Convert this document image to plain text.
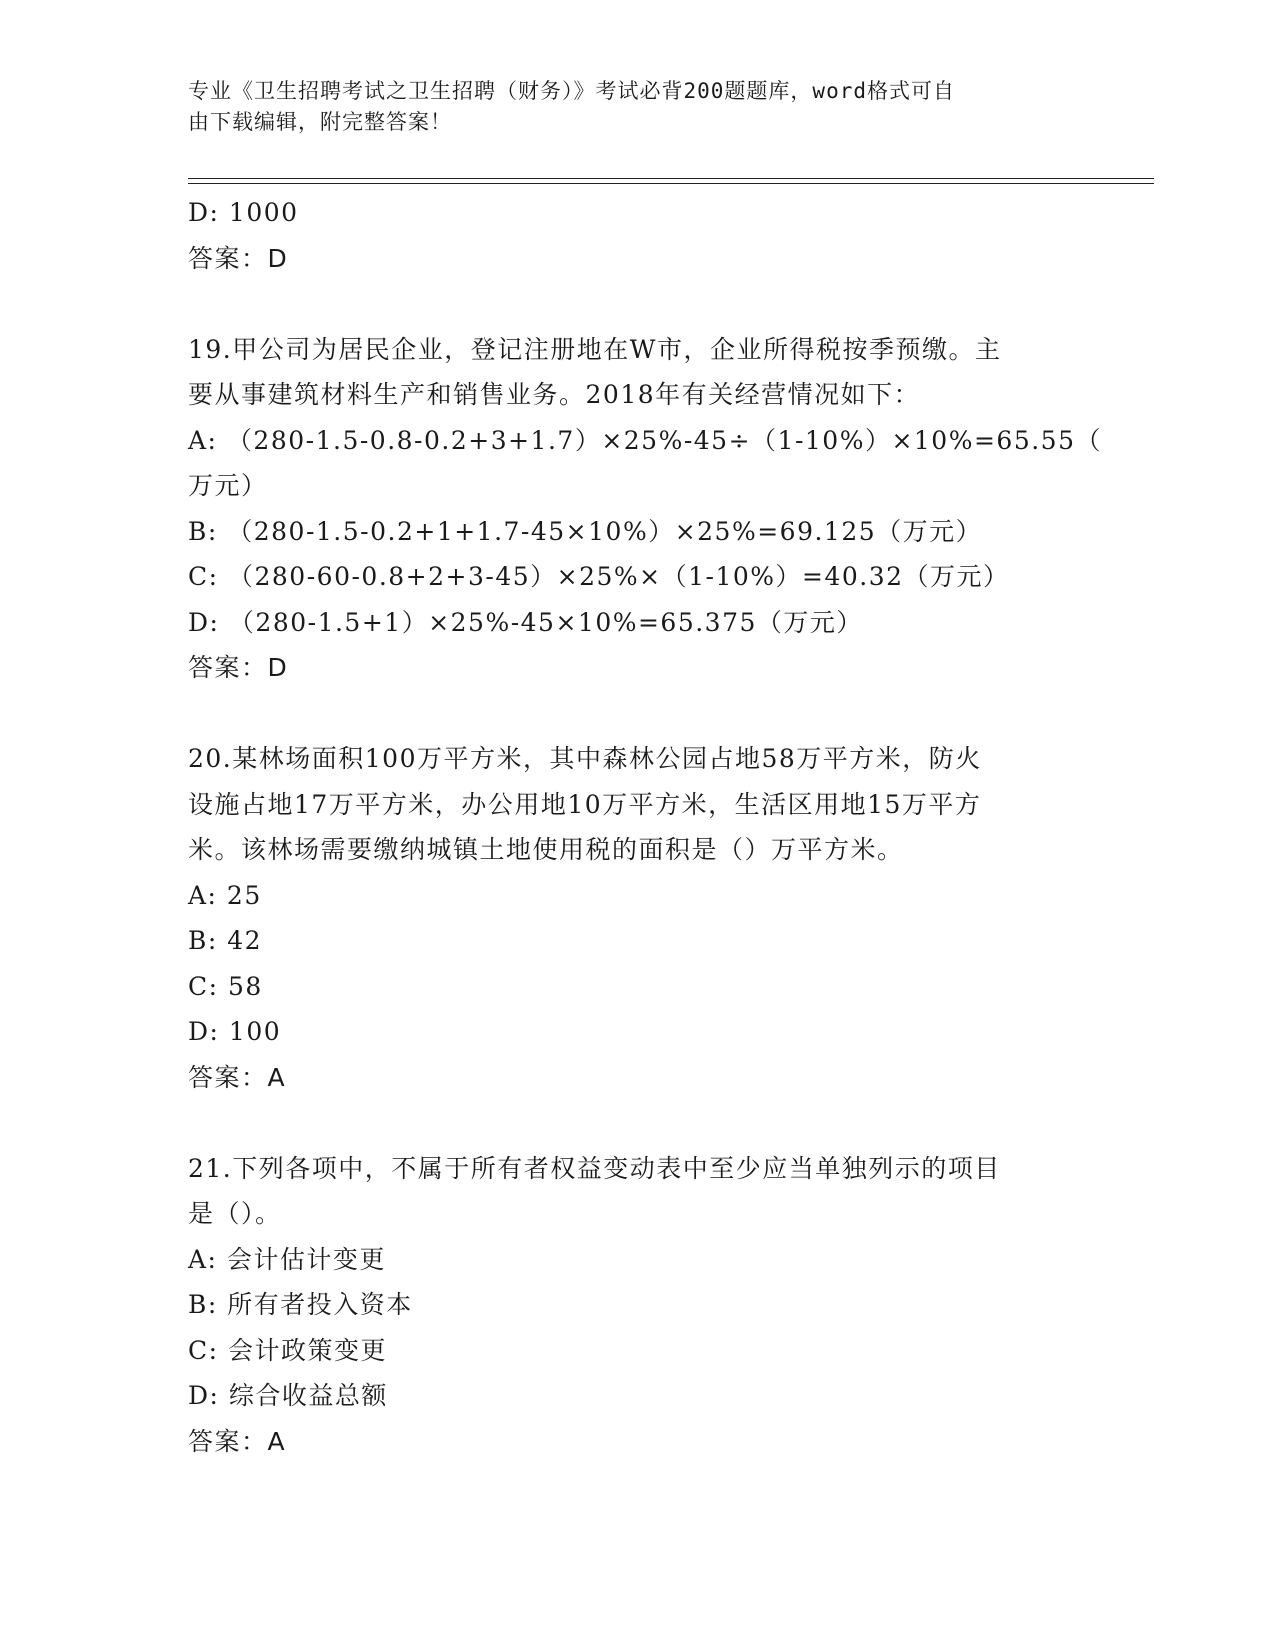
专业《卫生招聘考试之卫生招聘（财务）》考试必背200题题库，word格式可自
由下载编辑，附完整答案！
D: 1000
答案：D
19.甲公司为居民企业，登记注册地在W市，企业所得税按季预缴。主
要从事建筑材料生产和销售业务。2018年有关经营情况如下：
A: （280-1.5-0.8-0.2+3+1.7）×25%-45÷（1-10%）×10%=65.55（
万元）
B: （280-1.5-0.2+1+1.7-45×10%）×25%=69.125（万元）
C: （280-60-0.8+2+3-45）×25%×（1-10%）=40.32（万元）
D: （280-1.5+1）×25%-45×10%=65.375（万元）
答案：D
20.某林场面积100万平方米，其中森林公园占地58万平方米，防火
设施占地17万平方米，办公用地10万平方米，生活区用地15万平方
米。该林场需要缴纳城镇土地使用税的面积是（）万平方米。
A: 25
B: 42
C: 58
D: 100
答案：A
21.下列各项中，不属于所有者权益变动表中至少应当单独列示的项目
是（）。
A: 会计估计变更
B: 所有者投入资本
C: 会计政策变更
D: 综合收益总额
答案：A
